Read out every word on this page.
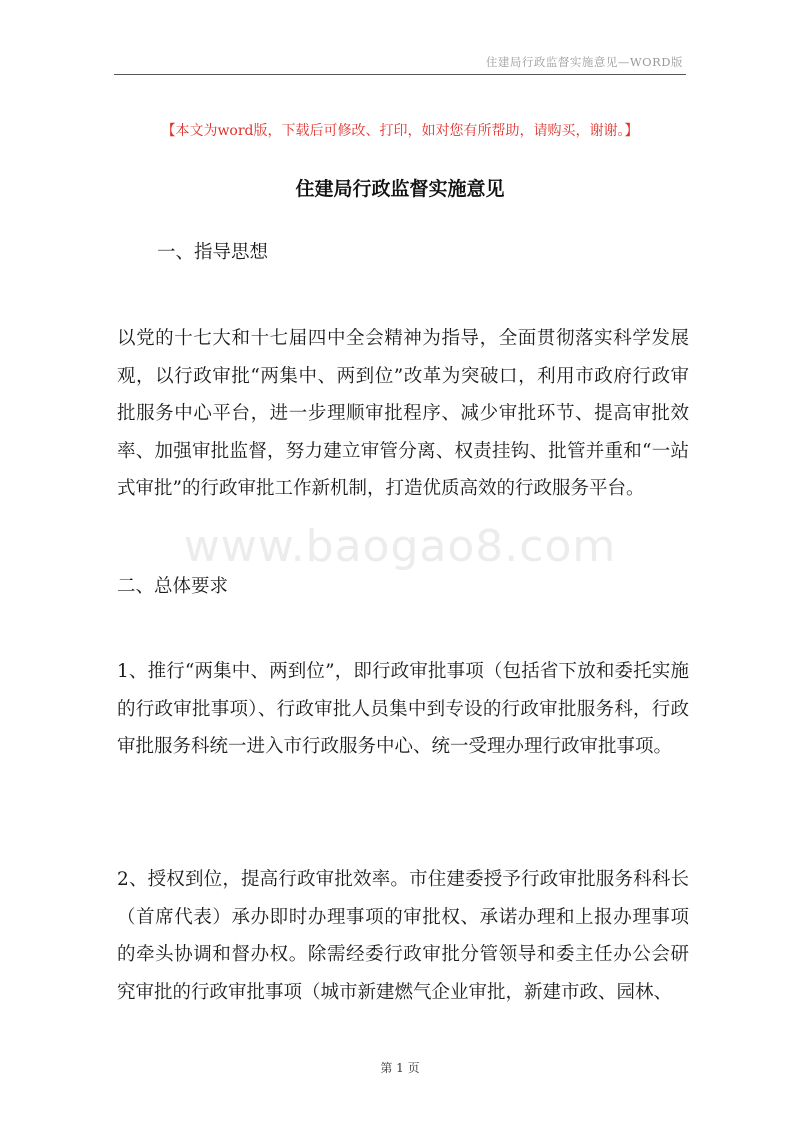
住建局行政监督实施意见—WORD版
【本文为word版，下载后可修改、打印，如对您有所帮助，请购买，谢谢。】
住建局行政监督实施意见
一、指导思想
以党的十七大和十七届四中全会精神为指导，全面贯彻落实科学发展观，以行政审批“两集中、两到位”改革为突破口，利用市政府行政审批服务中心平台，进一步理顺审批程序、减少审批环节、提高审批效率、加强审批监督，努力建立审管分离、权责挂钩、批管并重和“一站式审批”的行政审批工作新机制，打造优质高效的行政服务平台。
www.baogao8.com
二、总体要求
1、推行“两集中、两到位”，即行政审批事项（包括省下放和委托实施的行政审批事项）、行政审批人员集中到专设的行政审批服务科，行政审批服务科统一进入市行政服务中心、统一受理办理行政审批事项。
2、授权到位，提高行政审批效率。市住建委授予行政审批服务科科长（首席代表）承办即时办理事项的审批权、承诺办理和上报办理事项的牵头协调和督办权。除需经委行政审批分管领导和委主任办公会研究审批的行政审批事项（城市新建燃气企业审批，新建市政、园林、
第 1 页
